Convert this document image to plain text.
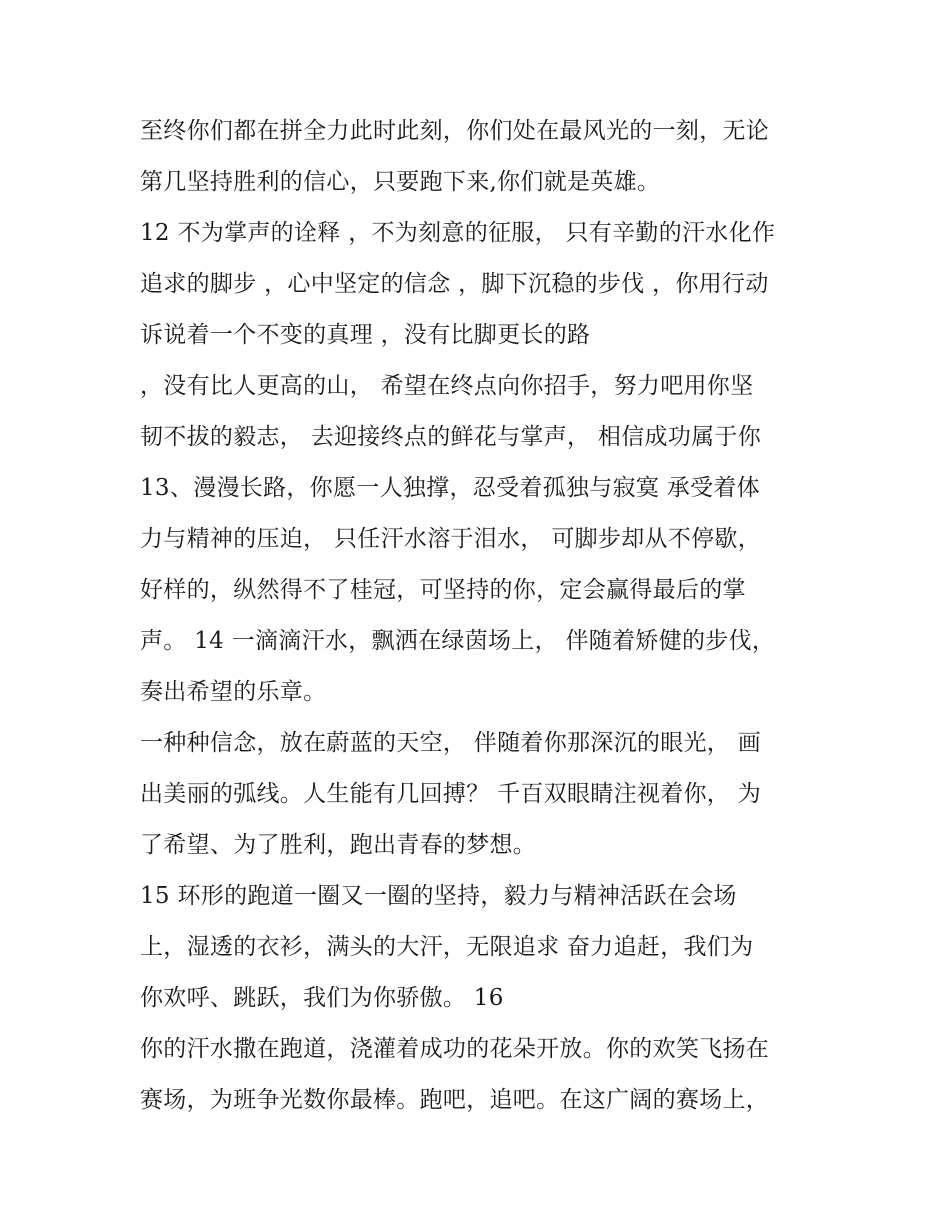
至终你们都在拼全力此时此刻，你们处在最风光的一刻，无论
第几坚持胜利的信心，只要跑下来,你们就是英雄。
12 不为掌声的诠释 ，不为刻意的征服， 只有辛勤的汗水化作
追求的脚步 ，心中坚定的信念 ，脚下沉稳的步伐 ，你用行动
诉说着一个不变的真理 ，没有比脚更长的路
，没有比人更高的山， 希望在终点向你招手，努力吧用你坚
韧不拔的毅志， 去迎接终点的鲜花与掌声， 相信成功属于你
13、漫漫长路，你愿一人独撑，忍受着孤独与寂寞 承受着体
力与精神的压迫， 只任汗水溶于泪水， 可脚步却从不停歇，
好样的，纵然得不了桂冠，可坚持的你，定会赢得最后的掌
声。 14 一滴滴汗水，飘洒在绿茵场上， 伴随着矫健的步伐，
奏出希望的乐章。
一种种信念，放在蔚蓝的天空， 伴随着你那深沉的眼光， 画
出美丽的弧线。人生能有几回搏？ 千百双眼睛注视着你， 为
了希望、为了胜利，跑出青春的梦想。
15 环形的跑道一圈又一圈的坚持，毅力与精神活跃在会场
上，湿透的衣衫，满头的大汗，无限追求 奋力追赶，我们为
你欢呼、跳跃，我们为你骄傲。 16
你的汗水撒在跑道，浇灌着成功的花朵开放。你的欢笑飞扬在
赛场，为班争光数你最棒。跑吧，追吧。在这广阔的赛场上，
